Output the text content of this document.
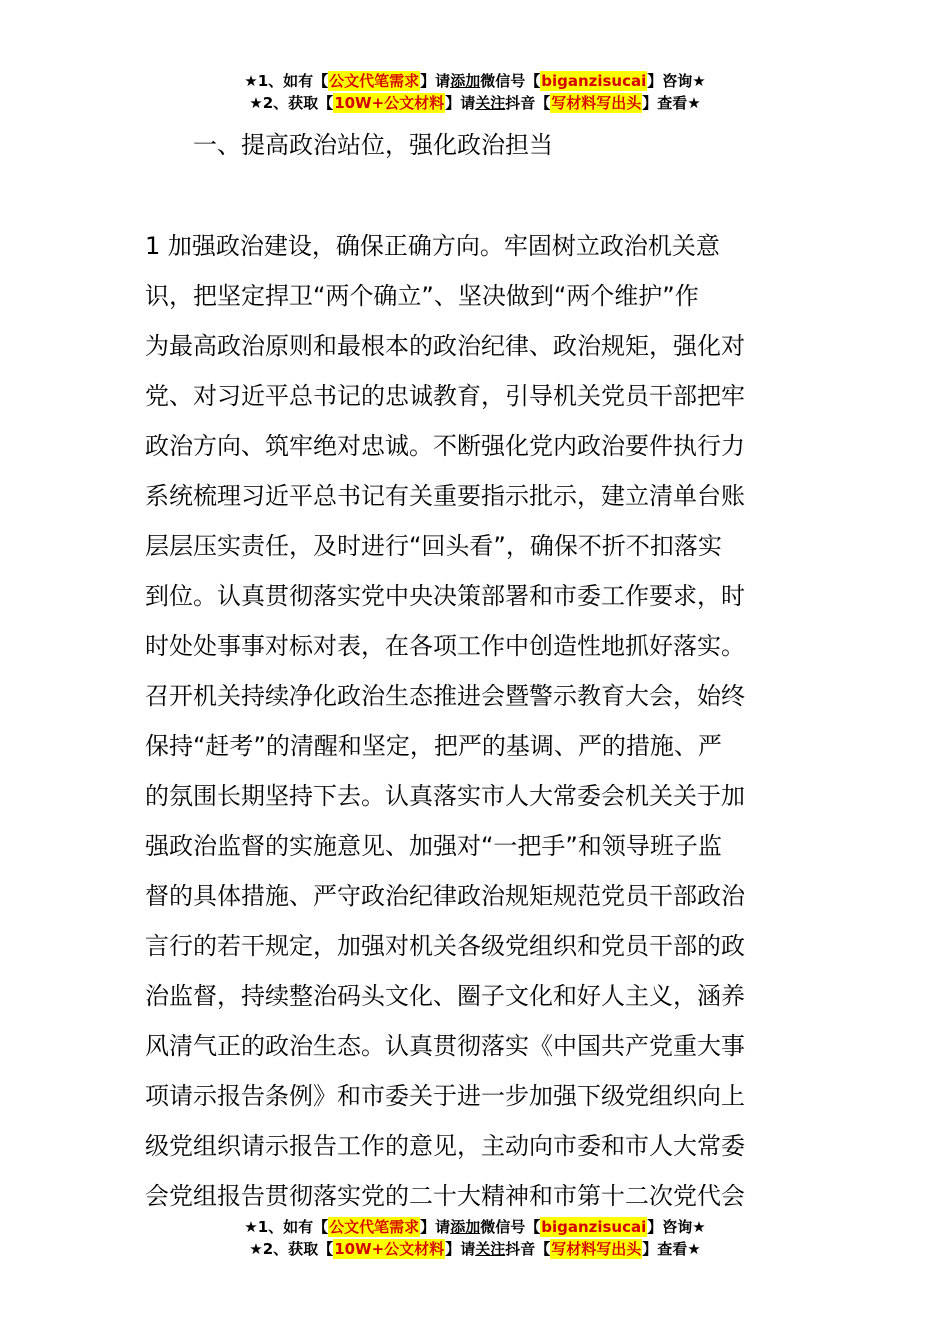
★1、如有【公文代笔需求】请添加微信号【biganzisucai】咨询★
★2、获取【10W+公文材料】请关注抖音【写材料写出头】查看★
一、提高政治站位，强化政治担当
1 加强政治建设，确保正确方向。牢固树立政治机关意
识，把坚定捍卫“两个确立”、坚决做到“两个维护”作
为最高政治原则和最根本的政治纪律、政治规矩，强化对
党、对习近平总书记的忠诚教育，引导机关党员干部把牢
政治方向、筑牢绝对忠诚。不断强化党内政治要件执行力
系统梳理习近平总书记有关重要指示批示，建立清单台账
层层压实责任，及时进行“回头看”，确保不折不扣落实
到位。认真贯彻落实党中央决策部署和市委工作要求，时
时处处事事对标对表，在各项工作中创造性地抓好落实。
召开机关持续净化政治生态推进会暨警示教育大会，始终
保持“赶考”的清醒和坚定，把严的基调、严的措施、严
的氛围长期坚持下去。认真落实市人大常委会机关关于加
强政治监督的实施意见、加强对“一把手”和领导班子监
督的具体措施、严守政治纪律政治规矩规范党员干部政治
言行的若干规定，加强对机关各级党组织和党员干部的政
治监督，持续整治码头文化、圈子文化和好人主义，涵养
风清气正的政治生态。认真贯彻落实《中国共产党重大事
项请示报告条例》和市委关于进一步加强下级党组织向上
级党组织请示报告工作的意见，主动向市委和市人大常委
会党组报告贯彻落实党的二十大精神和市第十二次党代会
★1、如有【公文代笔需求】请添加微信号【biganzisucai】咨询★
★2、获取【10W+公文材料】请关注抖音【写材料写出头】查看★
